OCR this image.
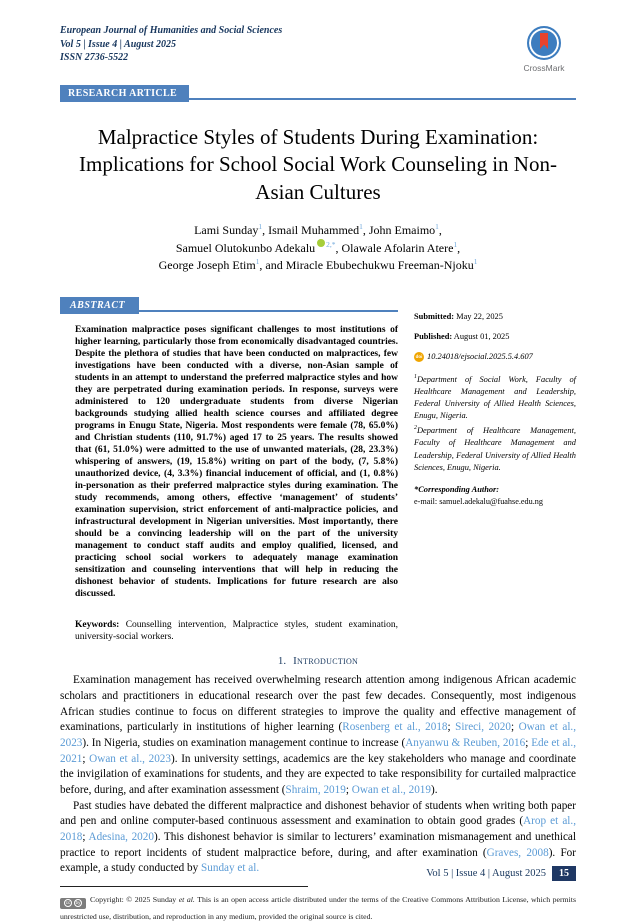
European Journal of Humanities and Social Sciences
Vol 5 | Issue 4 | August 2025
ISSN 2736-5522
CrossMark
RESEARCH ARTICLE
Malpractice Styles of Students During Examination: Implications for School Social Work Counseling in Non-Asian Cultures
Lami Sunday$^1$, Ismail Muhammed$^1$, John Emaimo$^1$,
Samuel Olutokunbo Adekalu $^{2,*}$, Olawale Afolarin Atere$^1$,
George Joseph Etim$^1$, and Miracle Ebubechukwu Freeman-Njoku$^1$
ABSTRACT
Examination malpractice poses significant challenges to most institutions of higher learning, particularly those from economically disadvantaged countries. Despite the plethora of studies that have been conducted on malpractices, few investigations have been conducted with a diverse, non-Asian sample of students in an attempt to understand the preferred malpractice styles and how they are perpetrated during examination periods. In response, surveys were administered to 120 undergraduate students from diverse Nigerian backgrounds studying allied health science courses and affiliated degree programs in Enugu State, Nigeria. Most respondents were female (78, 65.0%) and Christian students (110, 91.7%) aged 17 to 25 years. The results showed that (61, 51.0%) were admitted to the use of unwanted materials, (28, 23.3%) whispering of answers, (19, 15.8%) writing on part of the body, (7, 5.8%) unauthorized device, (4, 3.3%) financial inducement of official, and (1, 0.8%) in-personation as their preferred malpractice styles during examination. The study recommends, among others, effective ‘management’ of students’ examination supervision, strict enforcement of anti-malpractice policies, and infrastructural development in Nigerian universities. Most importantly, there should be a convincing leadership will on the part of the university management to conduct staff audits and employ qualified, licensed, and practicing school social workers to adequately manage examination sensitization and counseling interventions that will help in reducing the dishonest behavior of students. Implications for future research are also discussed.
Keywords: Counselling intervention, Malpractice styles, student examination, university-social workers.
Submitted: May 22, 2025
Published: August 01, 2025
doi 10.24018/ejsocial.2025.5.4.607
$^1$Department of Social Work, Faculty of Healthcare Management and Leadership, Federal University of Allied Health Sciences, Enugu, Nigeria.
$^2$Department of Healthcare Management, Faculty of Healthcare Management and Leadership, Federal University of Allied Health Sciences, Enugu, Nigeria.
*Corresponding Author:
e-mail: samuel.adekalu@fuahse.edu.ng
1. Introduction

Examination management has received overwhelming research attention among indigenous African academic scholars and practitioners in educational research over the past few decades. Consequently, most indigenous African studies continue to focus on different strategies to improve the quality and effective management of examinations, particularly in institutions of higher learning (Rosenberg et al., 2018; Sireci, 2020; Owan et al., 2023). In Nigeria, studies on examination management continue to increase (Anyanwu & Reuben, 2016; Ede et al., 2021; Owan et al., 2023). In university settings, academics are the key stakeholders who manage and coordinate the invigilation of examinations for students, and they are expected to take responsibility for curtailed malpractice before, during, and after examination assessment (Shraim, 2019; Owan et al., 2019).

Past studies have debated the different malpractice and dishonest behavior of students when writing both paper and pen and online computer-based continuous assessment and examination to obtain good grades (Arop et al., 2018; Adesina, 2020). This dishonest behavior is similar to lecturers’ examination mismanagement and unethical practice to report incidents of student malpractice before, during, and after examination (Graves, 2008). For example, a study conducted by Sunday et al.

cc	by Copyright: © 2025 Sunday et al. This is an open access article distributed under the terms of the Creative Commons Attribution License, which permits unrestricted use, distribution, and reproduction in any medium, provided the original source is cited.
Vol 5 | Issue 4 | August 2025	15
